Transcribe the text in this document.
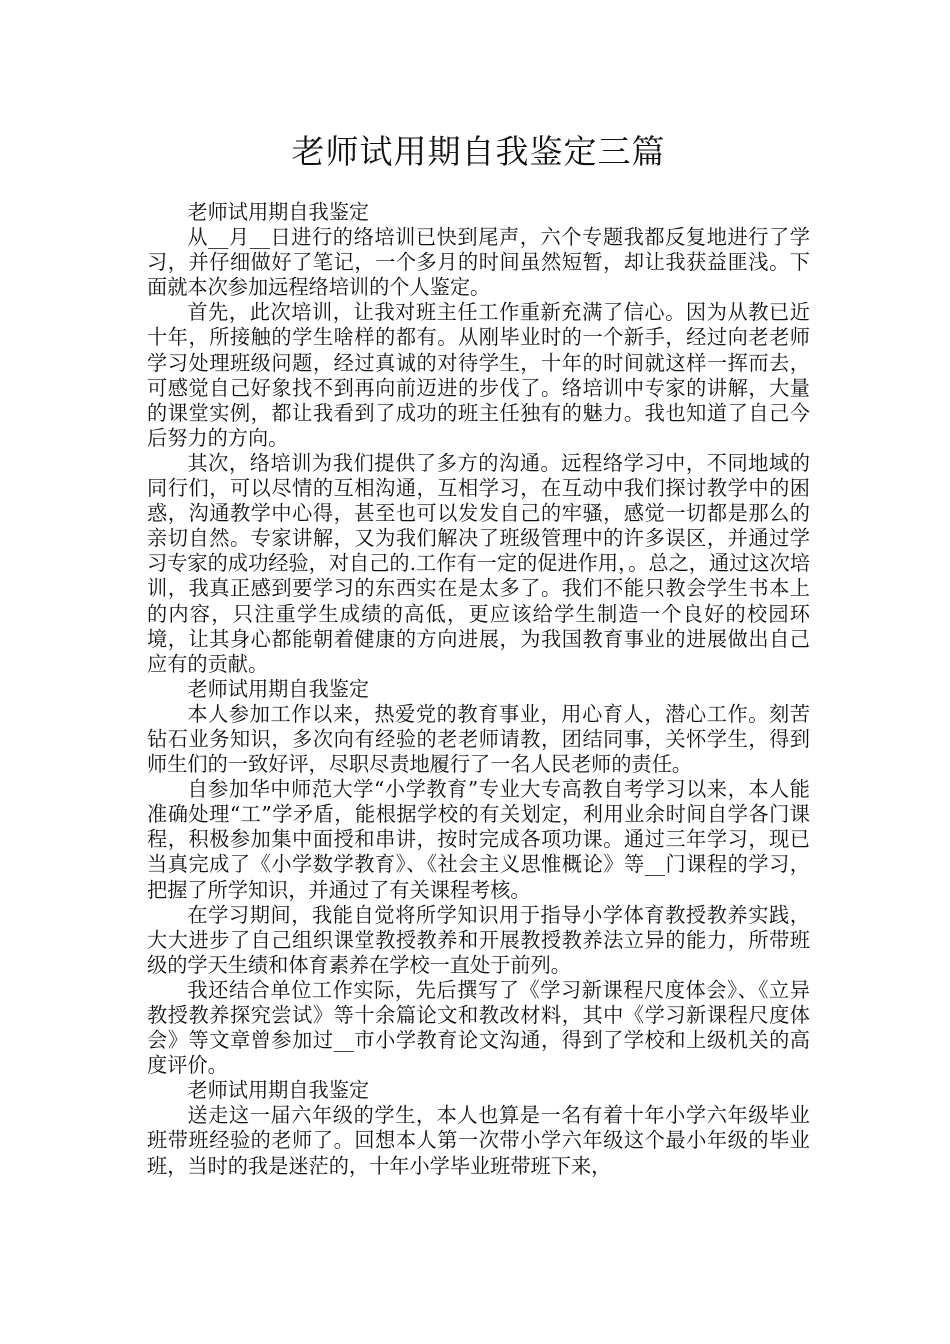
老师试用期自我鉴定三篇

老师试用期自我鉴定

从__月__日进行的络培训已快到尾声，六个专题我都反复地进行了学习，并仔细做好了笔记，一个多月的时间虽然短暂，却让我获益匪浅。下面就本次参加远程络培训的个人鉴定。

首先，此次培训，让我对班主任工作重新充满了信心。因为从教已近十年，所接触的学生啥样的都有。从刚毕业时的一个新手，经过向老老师学习处理班级问题，经过真诚的对待学生，十年的时间就这样一挥而去，可感觉自己好象找不到再向前迈进的步伐了。络培训中专家的讲解，大量的课堂实例，都让我看到了成功的班主任独有的魅力。我也知道了自己今后努力的方向。

其次，络培训为我们提供了多方的沟通。远程络学习中，不同地域的同行们，可以尽情的互相沟通，互相学习，在互动中我们探讨教学中的困惑，沟通教学中心得，甚至也可以发发自己的牢骚，感觉一切都是那么的亲切自然。专家讲解，又为我们解决了班级管理中的许多误区，并通过学习专家的成功经验，对自己的.工作有一定的促进作用，。总之，通过这次培训，我真正感到要学习的东西实在是太多了。我们不能只教会学生书本上的内容，只注重学生成绩的高低，更应该给学生制造一个良好的校园环境，让其身心都能朝着健康的方向进展，为我国教育事业的进展做出自己应有的贡献。

老师试用期自我鉴定

本人参加工作以来，热爱党的教育事业，用心育人，潜心工作。刻苦钻石业务知识，多次向有经验的老老师请教，团结同事，关怀学生，得到师生们的一致好评，尽职尽责地履行了一名人民老师的责任。

自参加华中师范大学“小学教育”专业大专高教自考学习以来，本人能准确处理“工”学矛盾，能根据学校的有关划定，利用业余时间自学各门课程，积极参加集中面授和串讲，按时完成各项功课。通过三年学习，现已当真完成了《小学数学教育》、《社会主义思惟概论》等__门课程的学习，把握了所学知识，并通过了有关课程考核。

在学习期间，我能自觉将所学知识用于指导小学体育教授教养实践，大大进步了自己组织课堂教授教养和开展教授教养法立异的能力，所带班级的学天生绩和体育素养在学校一直处于前列。

我还结合单位工作实际，先后撰写了《学习新课程尺度体会》、《立异教授教养探究尝试》等十余篇论文和教改材料，其中《学习新课程尺度体会》等文章曾参加过__市小学教育论文沟通，得到了学校和上级机关的高度评价。

老师试用期自我鉴定

送走这一届六年级的学生，本人也算是一名有着十年小学六年级毕业班带班经验的老师了。回想本人第一次带小学六年级这个最小年级的毕业班，当时的我是迷茫的，十年小学毕业班带班下来，
